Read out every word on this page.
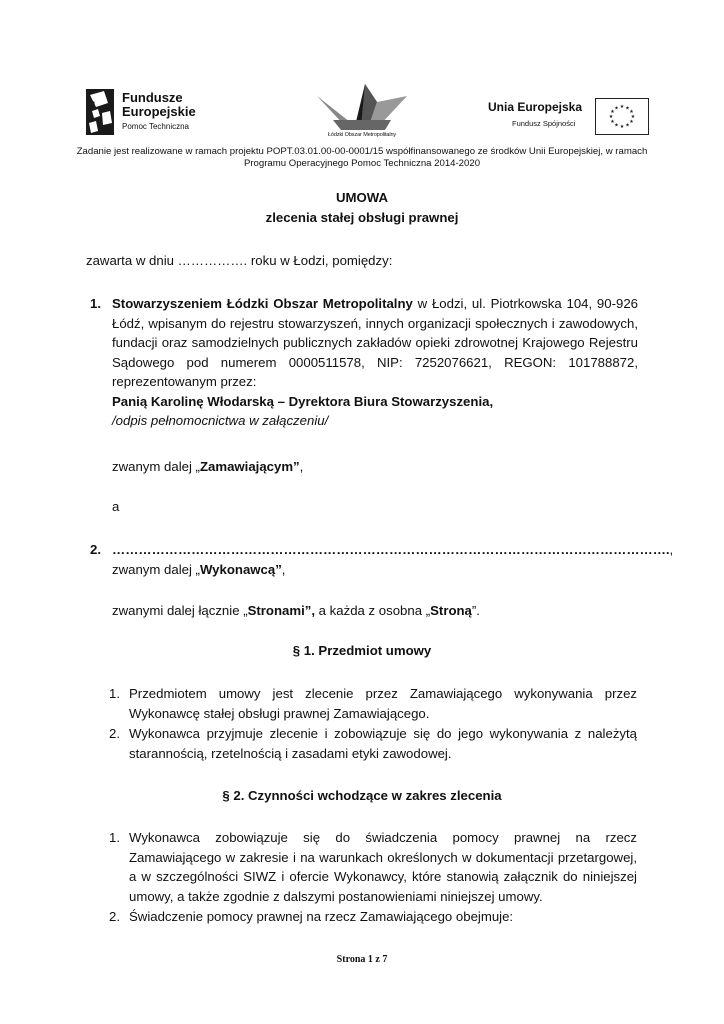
Fundusze
Europejskie
Pomoc Techniczna
Łódzki Obszar Metropolitalny
Unia Europejska
Fundusz Spójności
★ ★
★
★
★
★
★
★
★
★
★
★
Zadanie jest realizowane w ramach projektu POPT.03.01.00-00-0001/15 współfinansowanego ze środków Unii Europejskiej, w ramach Programu Operacyjnego Pomoc Techniczna 2014-2020
UMOWA
zlecenia stałej obsługi prawnej
zawarta w dniu ……………. roku w Łodzi, pomiędzy:
1. Stowarzyszeniem Łódzki Obszar Metropolitalny w Łodzi, ul. Piotrkowska 104, 90-926 Łódź, wpisanym do rejestru stowarzyszeń, innych organizacji społecznych i zawodowych, fundacji oraz samodzielnych publicznych zakładów opieki zdrowotnej Krajowego Rejestru Sądowego pod numerem 0000511578, NIP: 7252076621, REGON: 101788872, reprezentowanym przez:
Panią Karolinę Włodarską – Dyrektora Biura Stowarzyszenia,
/odpis pełnomocnictwa w załączeniu/
zwanym dalej „Zamawiającym”,
a
2. ……………………………………………………………………………………………………………….,
zwanym dalej „Wykonawcą”,
zwanymi dalej łącznie „Stronami”, a każda z osobna „Stroną”.
§ 1. Przedmiot umowy
1. Przedmiotem umowy jest zlecenie przez Zamawiającego wykonywania przez Wykonawcę stałej obsługi prawnej Zamawiającego.
2. Wykonawca przyjmuje zlecenie i zobowiązuje się do jego wykonywania z należytą starannością, rzetelnością i zasadami etyki zawodowej.
§ 2. Czynności wchodzące w zakres zlecenia
1. Wykonawca zobowiązuje się do świadczenia pomocy prawnej na rzecz Zamawiającego w zakresie i na warunkach określonych w dokumentacji przetargowej, a w szczególności SIWZ i ofercie Wykonawcy, które stanowią załącznik do niniejszej umowy, a także zgodnie z dalszymi postanowieniami niniejszej umowy.
2. Świadczenie pomocy prawnej na rzecz Zamawiającego obejmuje:
Strona 1 z 7
